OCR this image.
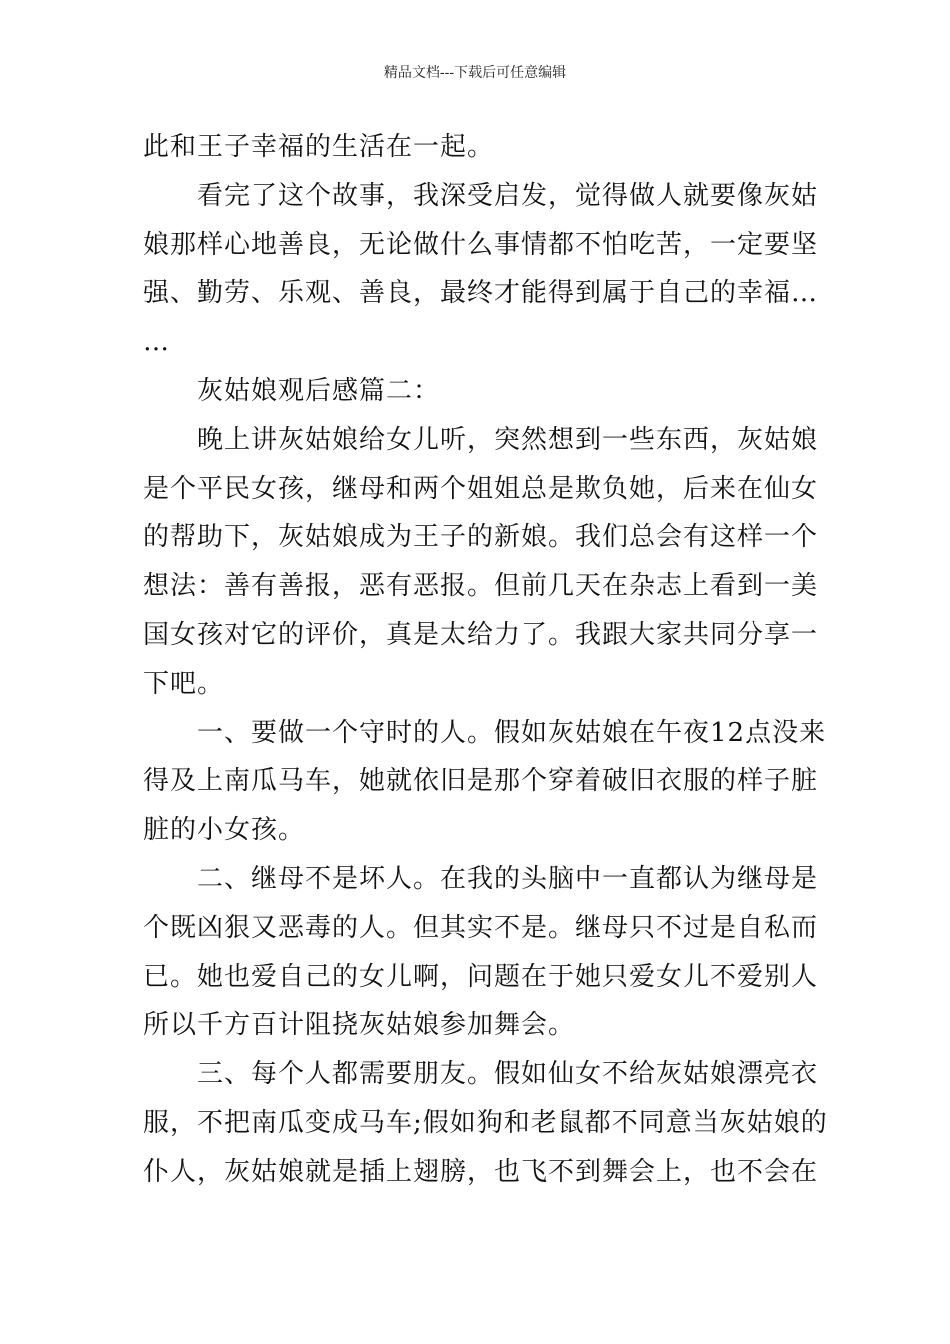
精品文档---下载后可任意编辑
此和王子幸福的生活在一起。
看完了这个故事，我深受启发，觉得做人就要像灰姑
娘那样心地善良，无论做什么事情都不怕吃苦，一定要坚
强、勤劳、乐观、善良，最终才能得到属于自己的幸福…
…
灰姑娘观后感篇二：
晚上讲灰姑娘给女儿听，突然想到一些东西，灰姑娘
是个平民女孩，继母和两个姐姐总是欺负她，后来在仙女
的帮助下，灰姑娘成为王子的新娘。我们总会有这样一个
想法：善有善报，恶有恶报。但前几天在杂志上看到一美
国女孩对它的评价，真是太给力了。我跟大家共同分享一
下吧。
一、要做一个守时的人。假如灰姑娘在午夜12点没来
得及上南瓜马车，她就依旧是那个穿着破旧衣服的样子脏
脏的小女孩。
二、继母不是坏人。在我的头脑中一直都认为继母是
个既凶狠又恶毒的人。但其实不是。继母只不过是自私而
已。她也爱自己的女儿啊，问题在于她只爱女儿不爱别人
所以千方百计阻挠灰姑娘参加舞会。
三、每个人都需要朋友。假如仙女不给灰姑娘漂亮衣
服，不把南瓜变成马车;假如狗和老鼠都不同意当灰姑娘的
仆人，灰姑娘就是插上翅膀，也飞不到舞会上，也不会在
